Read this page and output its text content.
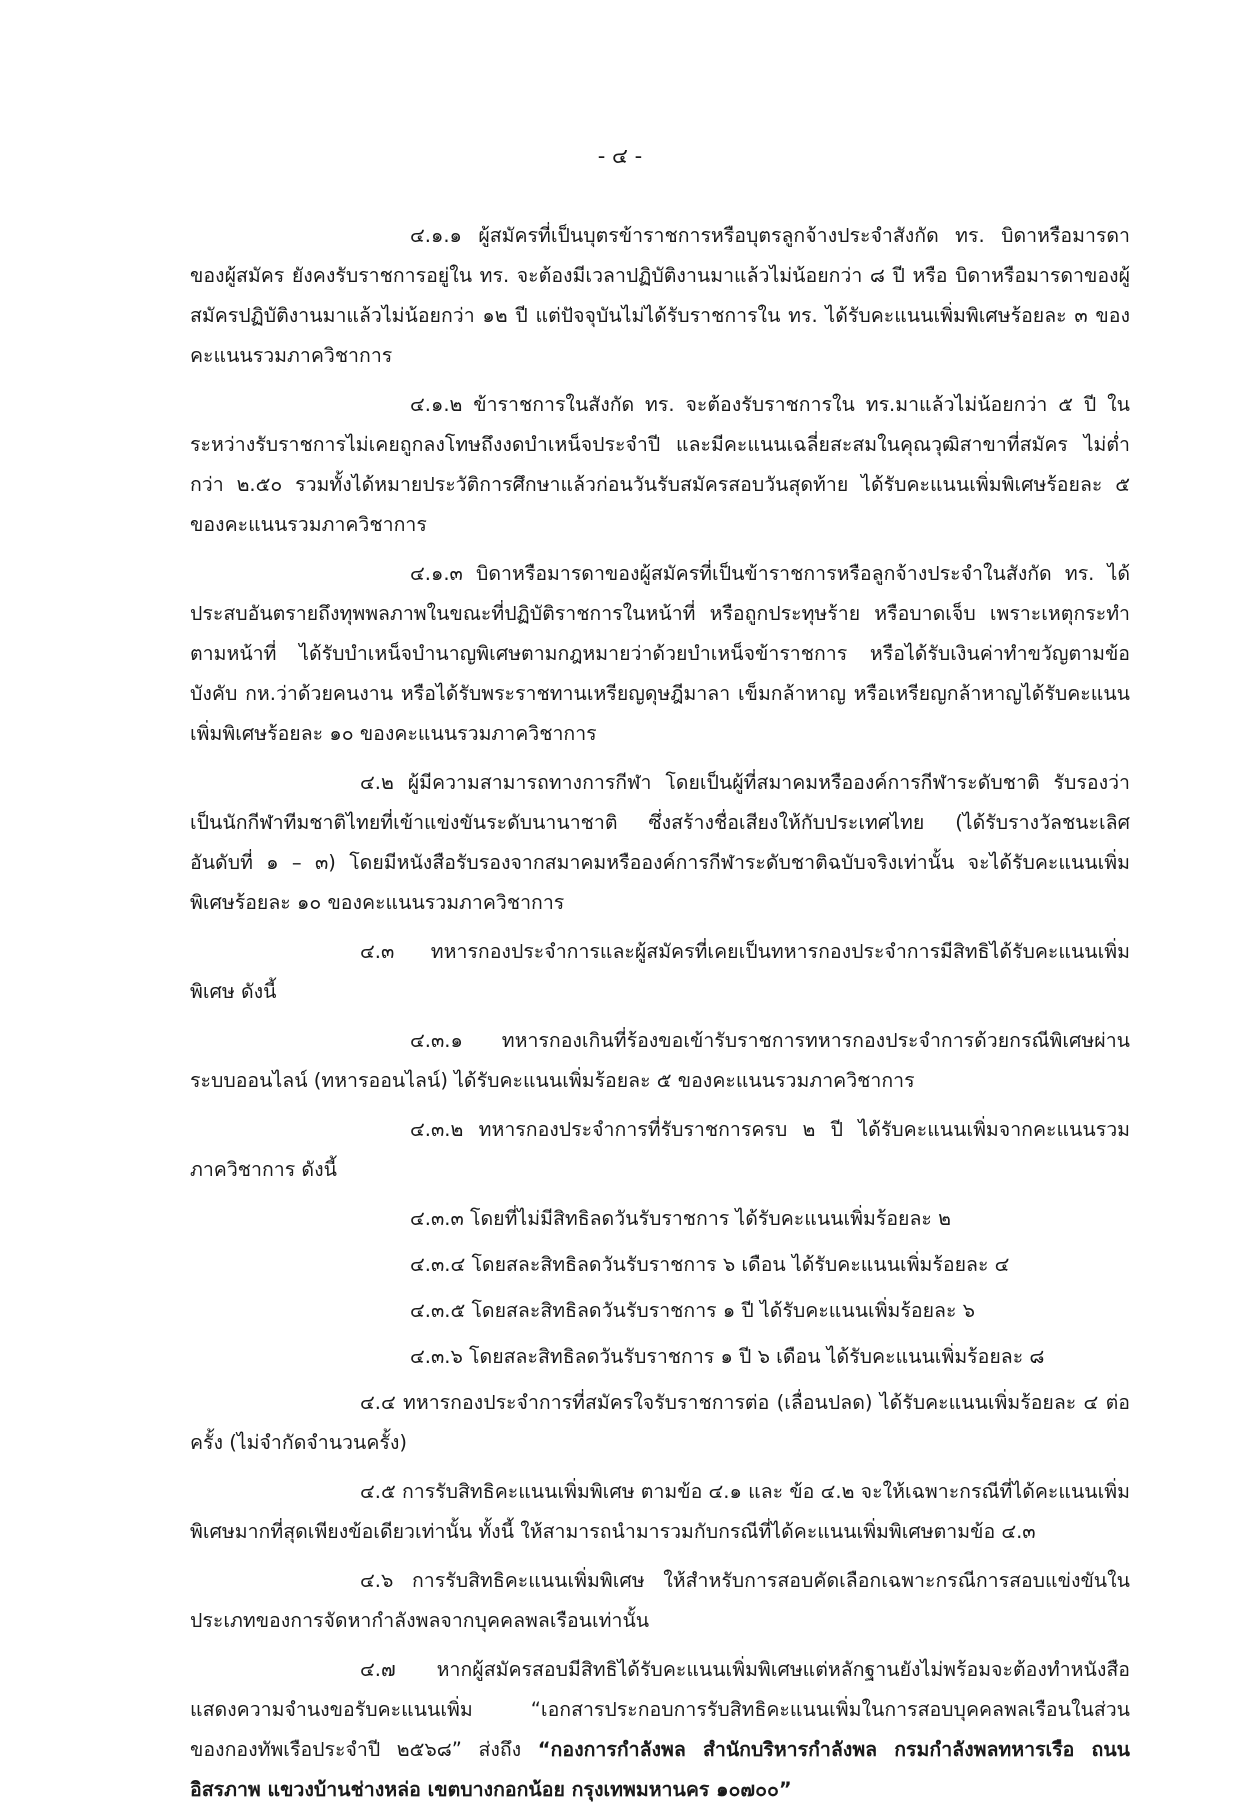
- ๔ -

๔.๑.๑ ผู้สมัครที่เป็นบุตรข้าราชการหรือบุตรลูกจ้างประจำสังกัด ทร. บิดาหรือมารดาของผู้สมัคร ยังคงรับราชการอยู่ใน ทร. จะต้องมีเวลาปฏิบัติงานมาแล้วไม่น้อยกว่า ๘ ปี หรือ บิดาหรือมารดาของผู้สมัครปฏิบัติงานมาแล้วไม่น้อยกว่า ๑๒ ปี แต่ปัจจุบันไม่ได้รับราชการใน ทร. ได้รับคะแนนเพิ่มพิเศษร้อยละ ๓ ของคะแนนรวมภาควิชาการ

๔.๑.๒ ข้าราชการในสังกัด ทร. จะต้องรับราชการใน ทร.มาแล้วไม่น้อยกว่า ๕ ปี ในระหว่างรับราชการไม่เคยถูกลงโทษถึงงดบำเหน็จประจำปี และมีคะแนนเฉลี่ยสะสมในคุณวุฒิสาขาที่สมัคร ไม่ต่ำกว่า ๒.๕๐ รวมทั้งได้หมายประวัติการศึกษาแล้วก่อนวันรับสมัครสอบวันสุดท้าย ได้รับคะแนนเพิ่มพิเศษร้อยละ ๕ ของคะแนนรวมภาควิชาการ

๔.๑.๓ บิดาหรือมารดาของผู้สมัครที่เป็นข้าราชการหรือลูกจ้างประจำในสังกัด ทร. ได้ประสบอันตรายถึงทุพพลภาพในขณะที่ปฏิบัติราชการในหน้าที่ หรือถูกประทุษร้าย หรือบาดเจ็บ เพราะเหตุกระทำตามหน้าที่ ได้รับบำเหน็จบำนาญพิเศษตามกฎหมายว่าด้วยบำเหน็จข้าราชการ หรือได้รับเงินค่าทำขวัญตามข้อบังคับ กห.ว่าด้วยคนงาน หรือได้รับพระราชทานเหรียญดุษฎีมาลา เข็มกล้าหาญ หรือเหรียญกล้าหาญได้รับคะแนนเพิ่มพิเศษร้อยละ ๑๐ ของคะแนนรวมภาควิชาการ

๔.๒ ผู้มีความสามารถทางการกีฬา โดยเป็นผู้ที่สมาคมหรือองค์การกีฬาระดับชาติ รับรองว่าเป็นนักกีฬาทีมชาติไทยที่เข้าแข่งขันระดับนานาชาติ ซึ่งสร้างชื่อเสียงให้กับประเทศไทย (ได้รับรางวัลชนะเลิศอันดับที่ ๑ – ๓) โดยมีหนังสือรับรองจากสมาคมหรือองค์การกีฬาระดับชาติฉบับจริงเท่านั้น จะได้รับคะแนนเพิ่มพิเศษร้อยละ ๑๐ ของคะแนนรวมภาควิชาการ

๔.๓ ทหารกองประจำการและผู้สมัครที่เคยเป็นทหารกองประจำการมีสิทธิได้รับคะแนนเพิ่มพิเศษ ดังนี้

๔.๓.๑ ทหารกองเกินที่ร้องขอเข้ารับราชการทหารกองประจำการด้วยกรณีพิเศษผ่านระบบออนไลน์ (ทหารออนไลน์) ได้รับคะแนนเพิ่มร้อยละ ๕ ของคะแนนรวมภาควิชาการ

๔.๓.๒ ทหารกองประจำการที่รับราชการครบ ๒ ปี ได้รับคะแนนเพิ่มจากคะแนนรวมภาควิชาการ ดังนี้

๔.๓.๓ โดยที่ไม่มีสิทธิลดวันรับราชการ ได้รับคะแนนเพิ่มร้อยละ ๒

๔.๓.๔ โดยสละสิทธิลดวันรับราชการ ๖ เดือน ได้รับคะแนนเพิ่มร้อยละ ๔

๔.๓.๕ โดยสละสิทธิลดวันรับราชการ ๑ ปี ได้รับคะแนนเพิ่มร้อยละ ๖

๔.๓.๖ โดยสละสิทธิลดวันรับราชการ ๑ ปี ๖ เดือน ได้รับคะแนนเพิ่มร้อยละ ๘

๔.๔ ทหารกองประจำการที่สมัครใจรับราชการต่อ (เลื่อนปลด) ได้รับคะแนนเพิ่มร้อยละ ๔ ต่อครั้ง (ไม่จำกัดจำนวนครั้ง)

๔.๕ การรับสิทธิคะแนนเพิ่มพิเศษ ตามข้อ ๔.๑ และ ข้อ ๔.๒ จะให้เฉพาะกรณีที่ได้คะแนนเพิ่มพิเศษมากที่สุดเพียงข้อเดียวเท่านั้น ทั้งนี้ ให้สามารถนำมารวมกับกรณีที่ได้คะแนนเพิ่มพิเศษตามข้อ ๔.๓

๔.๖ การรับสิทธิคะแนนเพิ่มพิเศษ ให้สำหรับการสอบคัดเลือกเฉพาะกรณีการสอบแข่งขันในประเภทของการจัดหากำลังพลจากบุคคลพลเรือนเท่านั้น

๔.๗ หากผู้สมัครสอบมีสิทธิได้รับคะแนนเพิ่มพิเศษแต่หลักฐานยังไม่พร้อมจะต้องทำหนังสือแสดงความจำนงขอรับคะแนนเพิ่ม “เอกสารประกอบการรับสิทธิคะแนนเพิ่มในการสอบบุคคลพลเรือนในส่วนของกองทัพเรือประจำปี ๒๕๖๘” ส่งถึง “กองการกำลังพล สำนักบริหารกำลังพล กรมกำลังพลทหารเรือ ถนนอิสรภาพ แขวงบ้านช่างหล่อ เขตบางกอกน้อย กรุงเทพมหานคร ๑๐๗๐๐”
